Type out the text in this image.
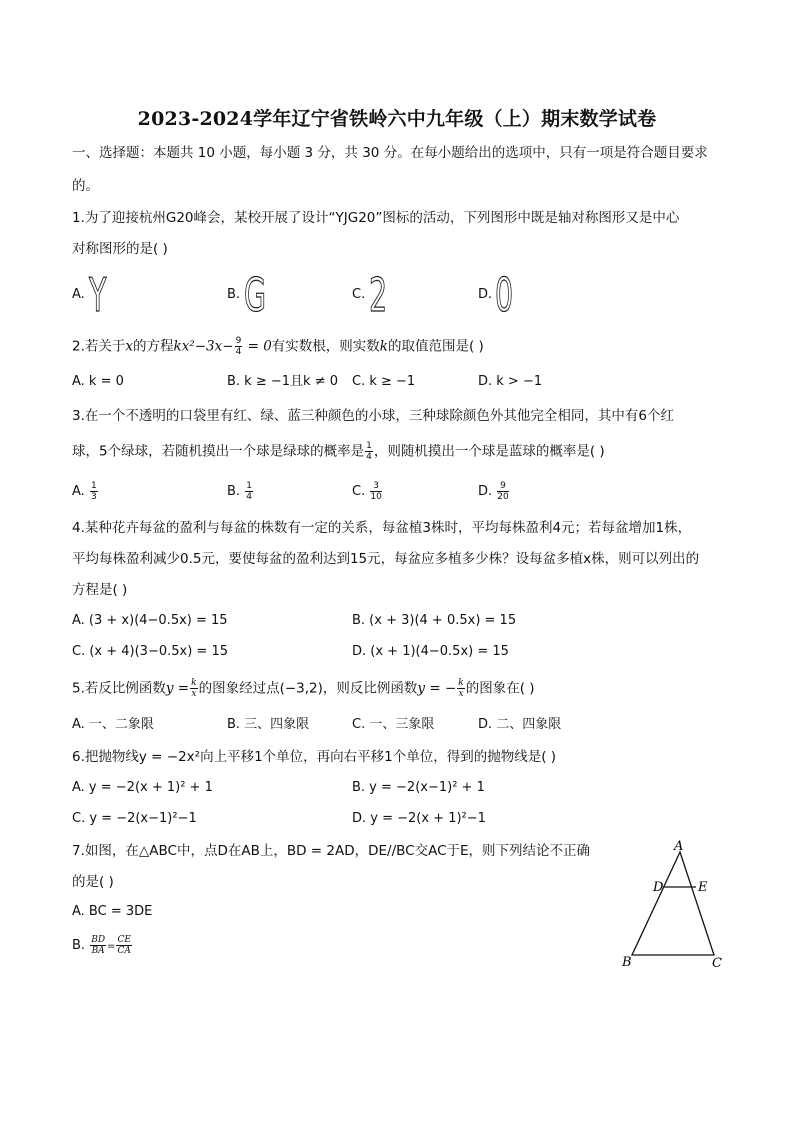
2023-2024学年辽宁省铁岭六中九年级（上）期末数学试卷
一、选择题：本题共 10 小题，每小题 3 分，共 30 分。在每小题给出的选项中，只有一项是符合题目要求
的。
1.为了迎接杭州G20峰会，某校开展了设计“YJG20”图标的活动，下列图形中既是轴对称图形又是中心
对称图形的是( )
A. Y	B. G	C. 2	D. 0
2.若关于x的方程$kx^2-3x- \frac{9}{4} = 0$有实数根，则实数k的取值范围是( )
A. k = 0	B. k ≥ −1且k ≠ 0 C. k ≥ −1	D. k > −1
3.在一个不透明的口袋里有红、绿、蓝三种颜色的小球，三种球除颜色外其他完全相同，其中有6个红
球，5个绿球，若随机摸出一个球是绿球的概率是 $\frac{1}{4}$ ，则随机摸出一个球是蓝球的概率是( )
A. $\frac{1}{3}$	B. $\frac{1}{4}$	C. $\frac{3}{10}$	D. $\frac{9}{20}$
4.某种花卉每盆的盈利与每盆的株数有一定的关系，每盆植3株时，平均每株盈利4元；若每盆增加1株，
平均每株盈利减少0.5元，要使每盆的盈利达到15元，每盆应多植多少株？设每盆多植x株，则可以列出的
方程是( )
A. (3 + x)(4−0.5x) = 15	B. (x + 3)(4 + 0.5x) = 15
C. (x + 4)(3−0.5x) = 15	D. (x + 1)(4−0.5x) = 15
5.若反比例函数$y = \frac{k}{x}$ 的图象经过点(−3,2)，则反比例函数y = − $\frac{k}{x}$ 的图象在( )
A. 一、二象限	B. 三、四象限	C. 一、三象限	D. 二、四象限
6.把抛物线y = −2x²向上平移1个单位，再向右平移1个单位，得到的抛物线是( )
A. y = −2(x + 1)² + 1	B. y = −2(x−1)² + 1
C. y = −2(x−1)²−1	D. y = −2(x + 1)²−1
7.如图，在△ABC中，点D在AB上，BD = 2AD，DE//BC交AC于E，则下列结论不正确
的是( )
A. BC = 3DE
B. $\frac{BD}{BA} = \frac{CE}{CA}$
A
D	E
B	C
